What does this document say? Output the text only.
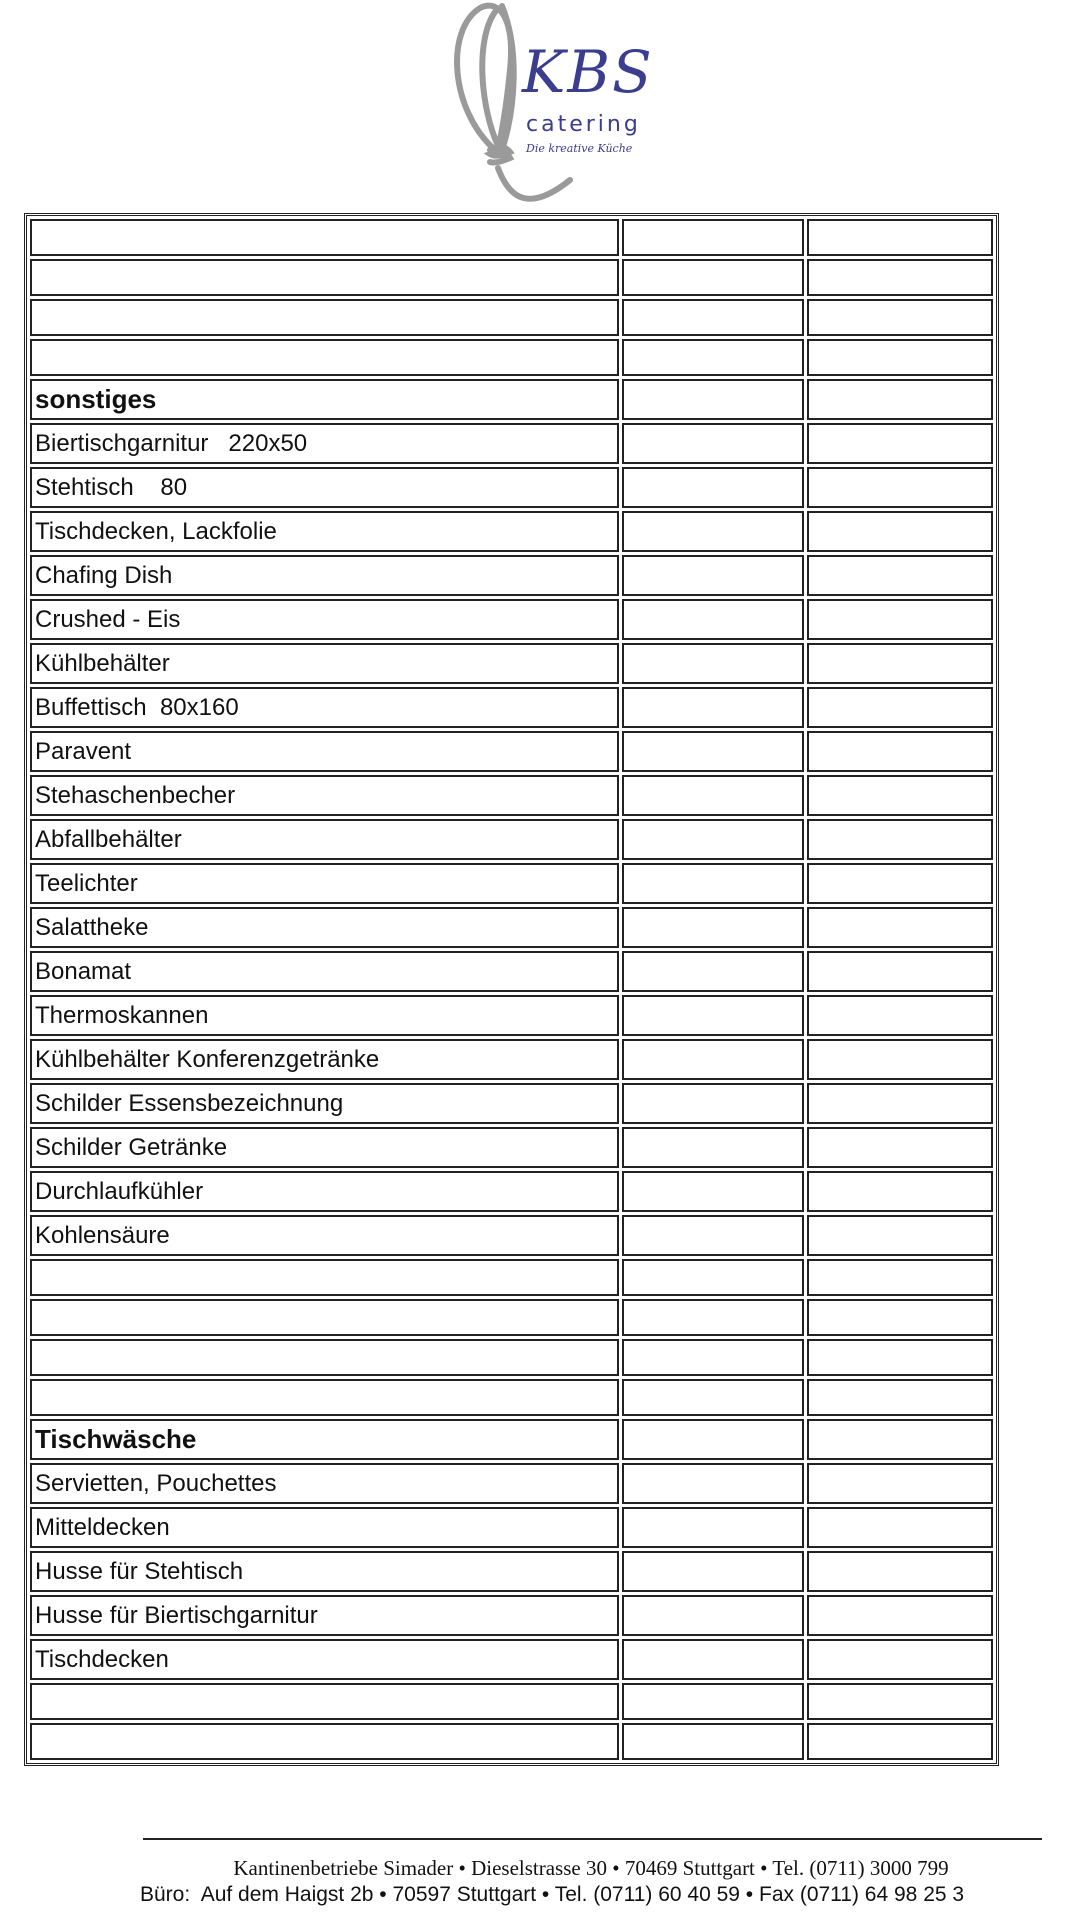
KBS
catering
Die kreative Küche

sonstiges		
Biertischgarnitur   220x50		
Stehtisch    80		
Tischdecken, Lackfolie		
Chafing Dish		
Crushed - Eis		
Kühlbehälter		
Buffettisch  80x160		
Paravent		
Stehaschenbecher		
Abfallbehälter		
Teelichter		
Salattheke		
Bonamat		
Thermoskannen		
Kühlbehälter Konferenzgetränke		
Schilder Essensbezeichnung		
Schilder Getränke		
Durchlaufkühler		
Kohlensäure		

Tischwäsche		
Servietten, Pouchettes		
Mitteldecken		
Husse für Stehtisch		
Husse für Biertischgarnitur		
Tischdecken		

Kantinenbetriebe Simader • Dieselstrasse 30 • 70469 Stuttgart • Tel. (0711) 3000 799
Büro:  Auf dem Haigst 2b • 70597 Stuttgart • Tel. (0711) 60 40 59 • Fax (0711) 64 98 25 3
